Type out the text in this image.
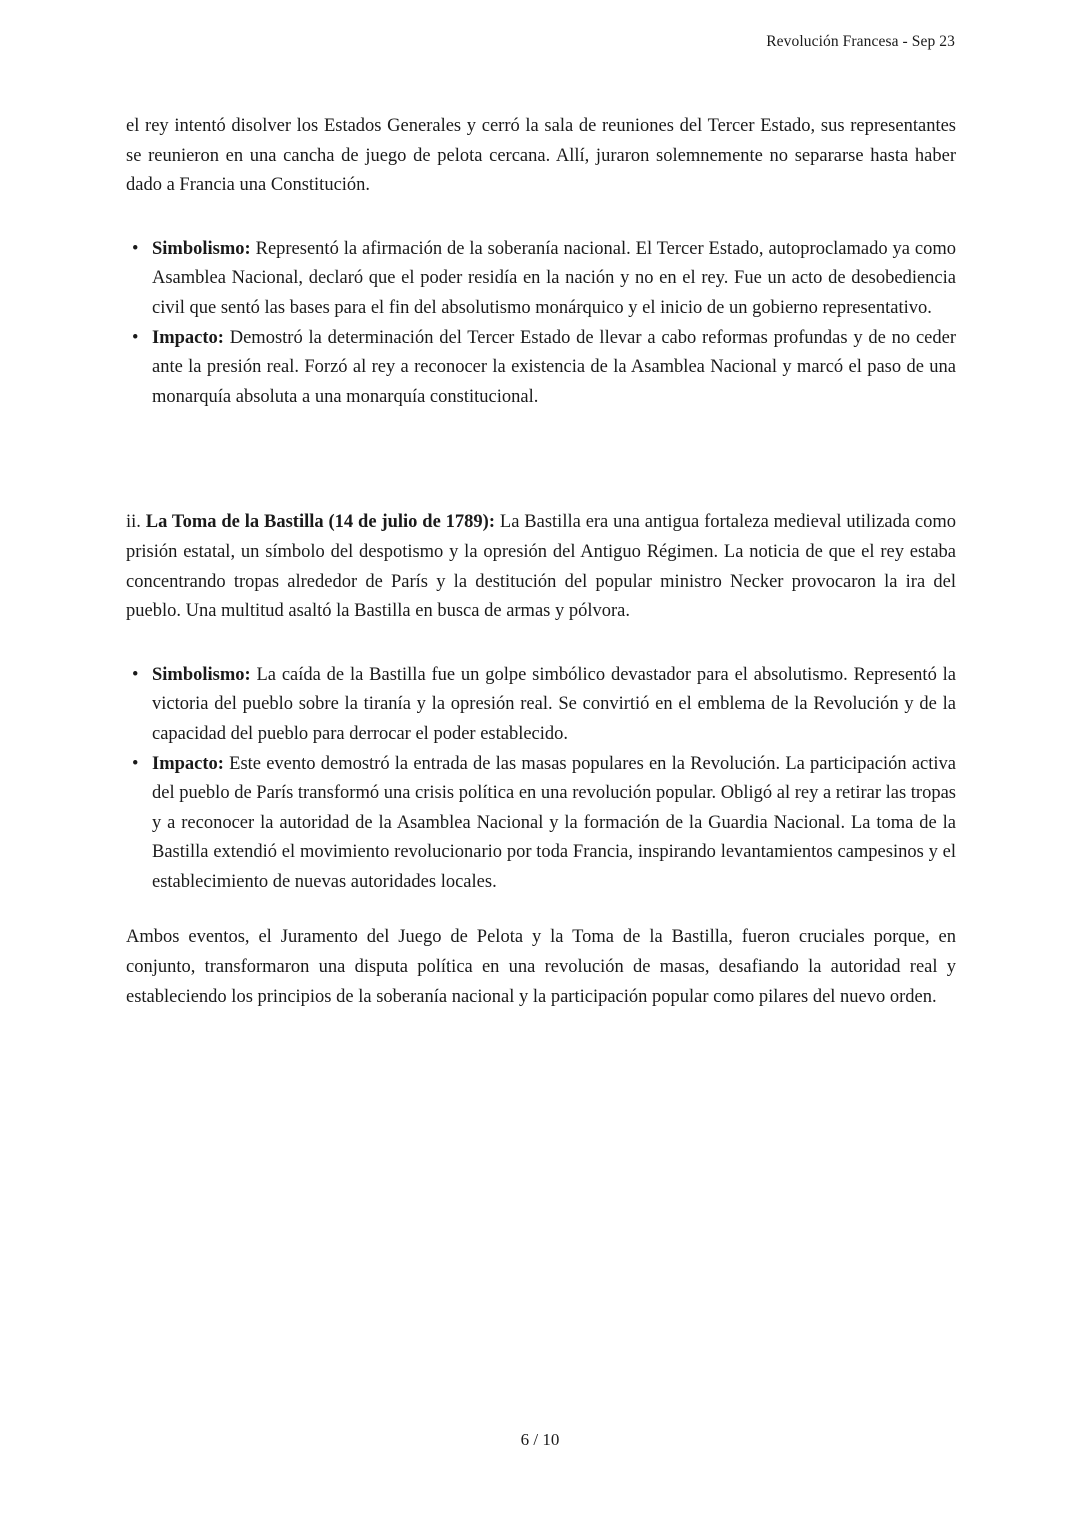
Revolución Francesa - Sep 23

el rey intentó disolver los Estados Generales y cerró la sala de reuniones del Tercer Estado, sus representantes se reunieron en una cancha de juego de pelota cercana. Allí, juraron solemnemente no separarse hasta haber dado a Francia una Constitución.

• Simbolismo: Representó la afirmación de la soberanía nacional. El Tercer Estado, autoproclamado ya como Asamblea Nacional, declaró que el poder residía en la nación y no en el rey. Fue un acto de desobediencia civil que sentó las bases para el fin del absolutismo monárquico y el inicio de un gobierno representativo.
• Impacto: Demostró la determinación del Tercer Estado de llevar a cabo reformas profundas y de no ceder ante la presión real. Forzó al rey a reconocer la existencia de la Asamblea Nacional y marcó el paso de una monarquía absoluta a una monarquía constitucional.

ii. La Toma de la Bastilla (14 de julio de 1789): La Bastilla era una antigua fortaleza medieval utilizada como prisión estatal, un símbolo del despotismo y la opresión del Antiguo Régimen. La noticia de que el rey estaba concentrando tropas alrededor de París y la destitución del popular ministro Necker provocaron la ira del pueblo. Una multitud asaltó la Bastilla en busca de armas y pólvora.

• Simbolismo: La caída de la Bastilla fue un golpe simbólico devastador para el absolutismo. Representó la victoria del pueblo sobre la tiranía y la opresión real. Se convirtió en el emblema de la Revolución y de la capacidad del pueblo para derrocar el poder establecido.
• Impacto: Este evento demostró la entrada de las masas populares en la Revolución. La participación activa del pueblo de París transformó una crisis política en una revolución popular. Obligó al rey a retirar las tropas y a reconocer la autoridad de la Asamblea Nacional y la formación de la Guardia Nacional. La toma de la Bastilla extendió el movimiento revolucionario por toda Francia, inspirando levantamientos campesinos y el establecimiento de nuevas autoridades locales.

Ambos eventos, el Juramento del Juego de Pelota y la Toma de la Bastilla, fueron cruciales porque, en conjunto, transformaron una disputa política en una revolución de masas, desafiando la autoridad real y estableciendo los principios de la soberanía nacional y la participación popular como pilares del nuevo orden.

6 / 10
